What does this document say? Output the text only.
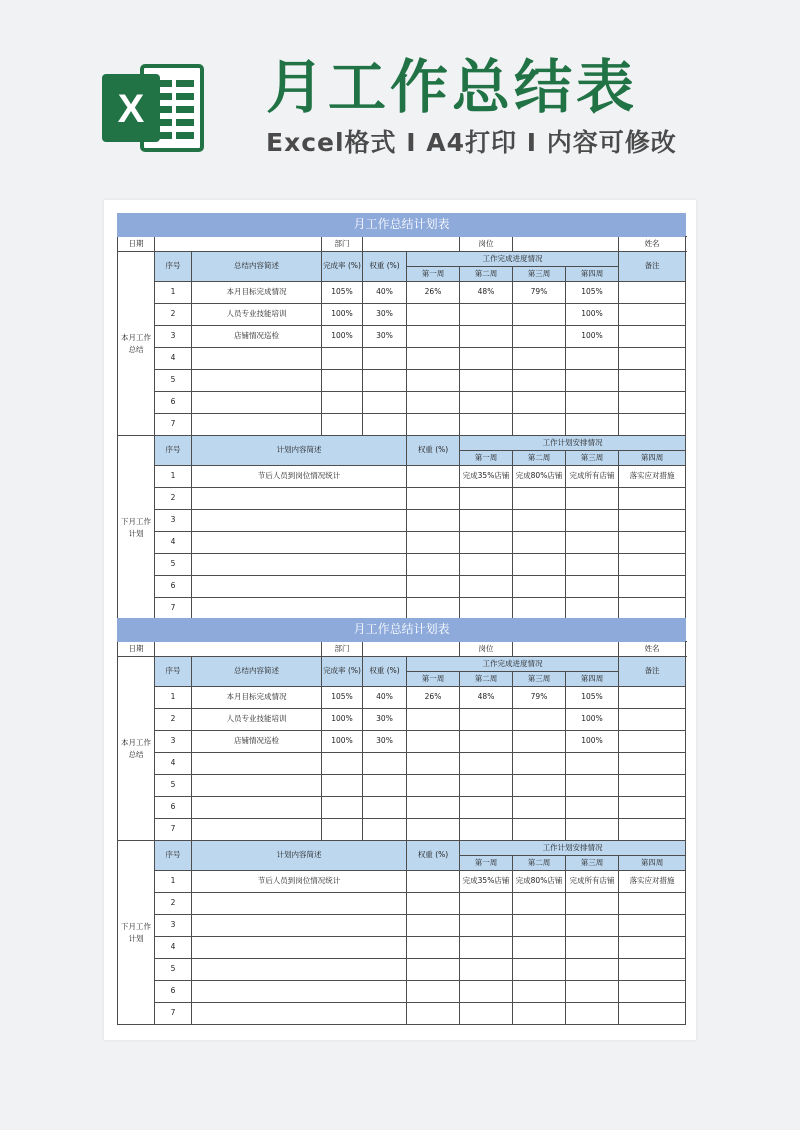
X 月工作总结表
Excel格式 I A4打印 I 内容可修改
月工作总结计划表										
日期			部门			岗位			姓名	
本月工作总结	序号	总结内容简述	完成率 (%)	权重 (%)	工作完成进度情况				备注	
					第一周	第二周	第三周	第四周		
	1	本月目标完成情况	105%	40%	26%	48%	79%	105%		
	2	人员专业技能培训	100%	30%				100%		
	3	店铺情况巡检	100%	30%				100%		
	4									
	5									
	6									
	7									
下月工作计划	序号	计划内容简述			权重 (%)	工作计划安排情况	
						第一周	第二周	第三周	第四周	
	1	节后人员到岗位情况统计				完成35%店铺	完成80%店铺	完成所有店铺	落实应对措施	
	2									
	3									
	4									
	5									
	6									
	7									
月工作总结计划表										
日期			部门			岗位			姓名	
本月工作总结	序号	总结内容简述	完成率 (%)	权重 (%)	工作完成进度情况				备注	
					第一周	第二周	第三周	第四周		
	1	本月目标完成情况	105%	40%	26%	48%	79%	105%		
	2	人员专业技能培训	100%	30%				100%		
	3	店铺情况巡检	100%	30%				100%		
	4									
	5									
	6									
	7									
下月工作计划	序号	计划内容简述			权重 (%)	工作计划安排情况	
						第一周	第二周	第三周	第四周	
	1	节后人员到岗位情况统计				完成35%店铺	完成80%店铺	完成所有店铺	落实应对措施	
	2									
	3									
	4									
	5									
	6									
	7									
